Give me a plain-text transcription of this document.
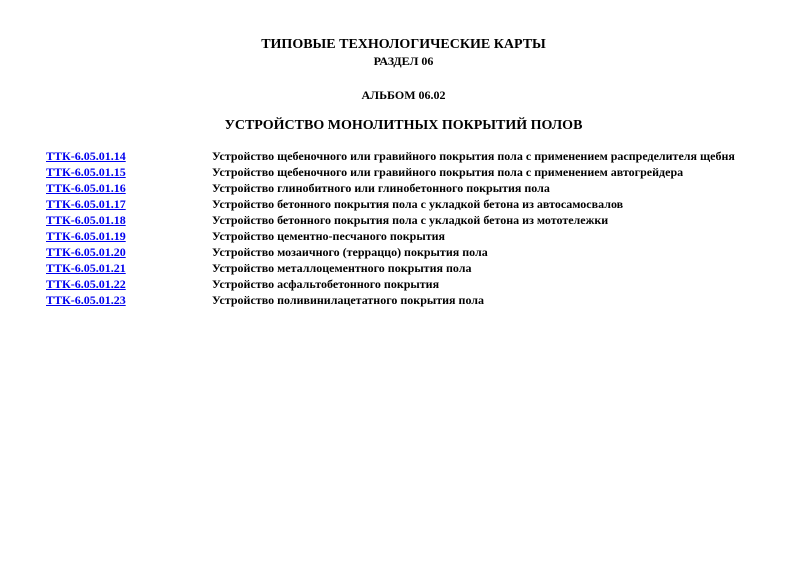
ТИПОВЫЕ ТЕХНОЛОГИЧЕСКИЕ КАРТЫ
РАЗДЕЛ 06
АЛЬБОМ 06.02
УСТРОЙСТВО МОНОЛИТНЫХ ПОКРЫТИЙ ПОЛОВ
ТТК-6.05.01.14	Устройство щебеночного или гравийного покрытия пола с применением распределителя щебня
ТТК-6.05.01.15	Устройство щебеночного или гравийного покрытия пола с применением автогрейдера
ТТК-6.05.01.16	Устройство глинобитного или глинобетонного покрытия пола
ТТК-6.05.01.17	Устройство бетонного покрытия пола с укладкой бетона из автосамосвалов
ТТК-6.05.01.18	Устройство бетонного покрытия пола с укладкой бетона из мототележки
ТТК-6.05.01.19	Устройство цементно-песчаного покрытия
ТТК-6.05.01.20	Устройство мозаичного (терраццо) покрытия пола
ТТК-6.05.01.21	Устройство металлоцементного покрытия пола
ТТК-6.05.01.22	Устройство асфальтобетонного покрытия
ТТК-6.05.01.23	Устройство поливинилацетатного покрытия пола
